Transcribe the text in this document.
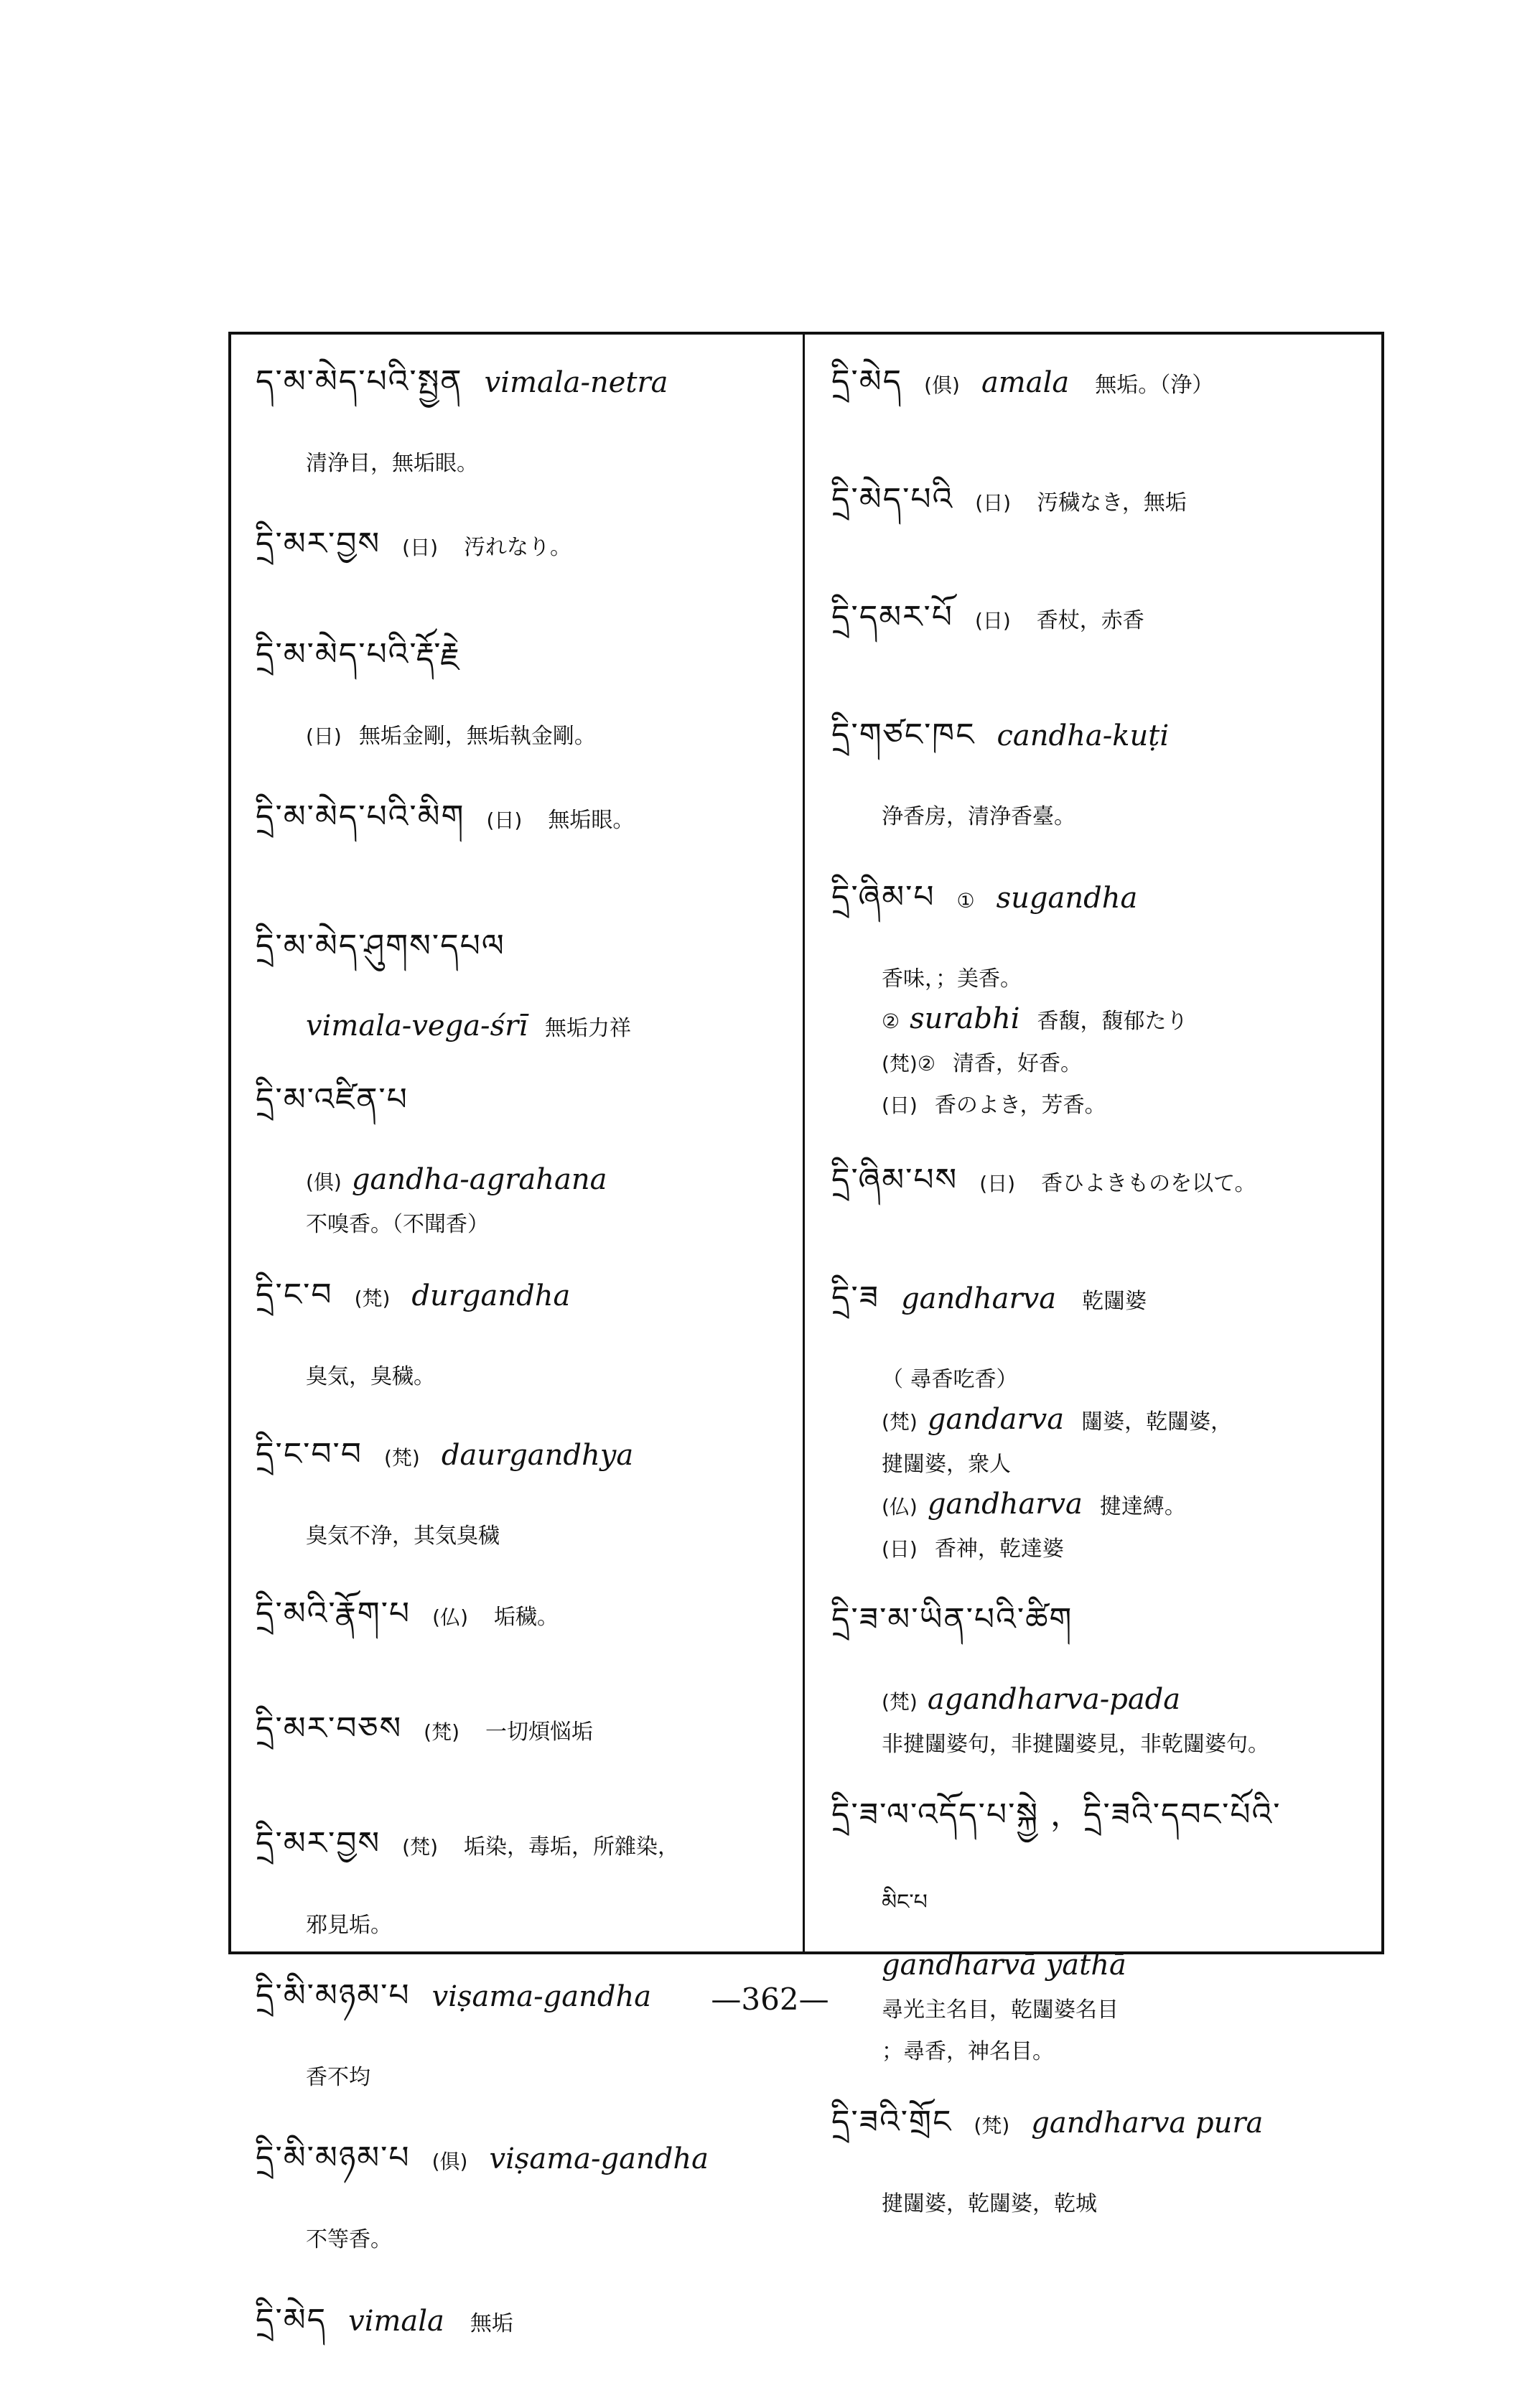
ད་མ་མེད་པའི་སྤྱན vimala-netra
清浄目，無垢眼。
དྲི་མར་བྱས (日) 汚れなり。
དྲི་མ་མེད་པའི་རྡོ་རྗེ
(日) 無垢金剛，無垢執金剛。
དྲི་མ་མེད་པའི་མིག (日) 無垢眼。
དྲི་མ་མེད་ཤུགས་དཔལ
vimala-vega-śrī 無垢力祥
དྲི་མ་འཛིན་པ
(俱) gandha-agrahana
不嗅香。（不聞香）
དྲི་ང་བ (梵) durgandha
臭気，臭穢。
དྲི་ང་བ་བ (梵) daurgandhya
臭気不浄，其気臭穢
དྲི་མའི་རྣོག་པ (仏) 垢穢。
དྲི་མར་བཅས (梵) 一切煩悩垢
དྲི་མར་བྱས (梵) 垢染，毒垢，所雜染，
邪見垢。
དྲི་མི་མཉམ་པ viṣama-gandha
香不均
དྲི་མི་མཉམ་པ (俱) viṣama-gandha
不等香。
དྲི་མེད vimala 無垢
དྲི་མེད (俱) amala 無垢。（浄）
དྲི་མེད་པའི (日) 汚穢なき，無垢
དྲི་དམར་པོ (日) 香杖，赤香
དྲི་གཙང་ཁང candha-kuṭi
浄香房，清浄香臺。
དྲི་ཞིམ་པ ① sugandha
香味，；美香。
② surabhi 香馥，馥郁たり
(梵)② 清香，好香。
(日) 香のよき，芳香。
དྲི་ཞིམ་པས (日) 香ひよきものを以て。
དྲི་ཟ gandharva 乾闥婆
（ 尋香吃香）
(梵) gandarva 闥婆，乾闥婆，
揵闥婆，衆人
(仏) gandharva 揵達縛。
(日) 香神，乾達婆
དྲི་ཟ་མ་ཡིན་པའི་ཚིག
(梵) agandharva-pada
非揵闥婆句，非揵闥婆見，非乾闥婆句。
དྲི་ཟ་ལ་འདོད་པ་སྐྱེ ，དྲི་ཟའི་དབང་པོའི་
མིང་པ
gandharvā yathā
尋光主名目，乾闥婆名目
；尋香，神名目。
དྲི་ཟའི་གྲོང (梵) gandharva pura
揵闥婆，乾闥婆，乾城
—362—
